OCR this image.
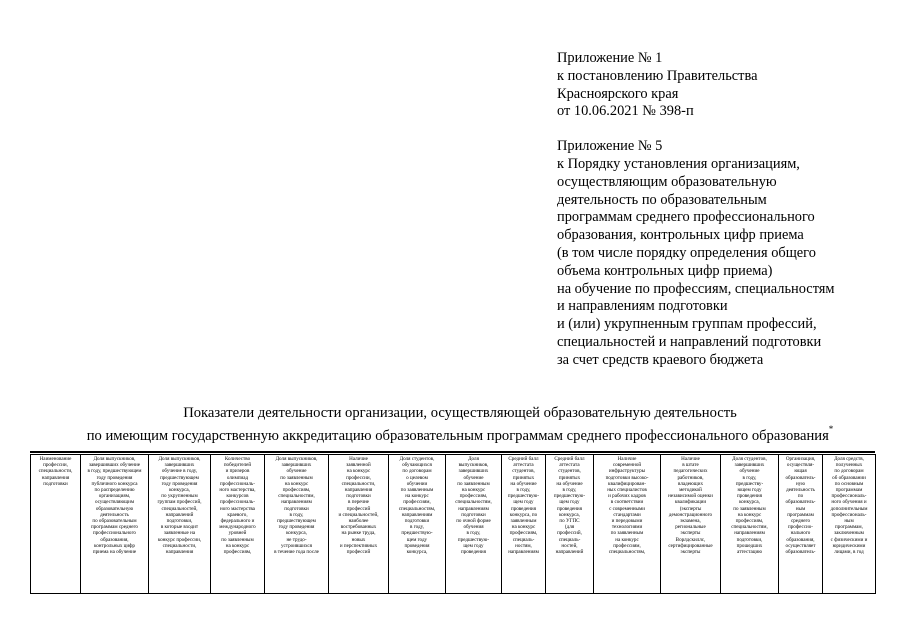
Приложение № 1
к постановлению Правительства
Красноярского края
от 10.06.2021 № 398-п
Приложение № 5
к Порядку установления организациям,
осуществляющим образовательную
деятельность по образовательным
программам среднего профессионального
образования, контрольных цифр приема
(в том числе порядку определения общего
объема контрольных цифр приема)
на обучение по профессиям, специальностям
и направлениям подготовки
и (или) укрупненным группам профессий,
специальностей и направлений подготовки
за счет средств краевого бюджета
Показатели деятельности организации, осуществляющей образовательную деятельность
по имеющим государственную аккредитацию образовательным программам среднего профессионального образования*
Наименование
профессии,
специальности,
направления
подготовки

Доля выпускников,
завершивших обучение
в году, предшествующем
году проведения
публичного конкурса
по распределению
организациям,
осуществляющим
образовательную
деятельность
по образовательным
программам среднего
профессионального
образования,
контрольных цифр
приема на обучение

Доля выпускников,
завершивших
обучение в году,
предшествующем
году проведения
конкурса,
по укрупненным
группам профессий,
специальностей,
направлений
подготовки,
в которые входит
заявленные на
конкурс профессии,
специальности,
направления

Количество
победителей
и призеров
олимпиад
профессиональ-
ного мастерства,
конкурсов
профессиональ-
ного мастерства
краевого,
федерального и
международного
уровней
по заявленным
на конкурс
профессиям,

Доля выпускников,
завершивших
обучение
по заявленным
на конкурс
профессиям,
специальностям,
направлениям
подготовки
в году,
предшествующем
году проведения
конкурса,
не трудо-
устроившихся
в течение года после

Наличие
заявленной
на конкурс
профессии,
специальности,
направления
подготовки
в перечне
профессий
и специальностей,
наиболее
востребованных
на рынке труда,
новых
и перспективных
профессий

Доля студентов,
обучающихся
по договорам
о целевом
обучении
по заявленным
на конкурс
профессиям,
специальностям,
направлениям
подготовки
в году,
предшествую-
щем году
проведения
конкурса,

Доля
выпускников,
завершивших
обучение
по заявленным
на конкурс
профессиям,
специальностям,
направлениям
подготовки
по очной форме
обучения
в году,
предшествую-
щем году
проведения

Средний балл
аттестата
студентов,
принятых
на обучение
в году,
предшествую-
щем году
проведения
конкурса, по
заявленным
на конкурс
профессиям,
специаль-
ностям,
направлениям

Средний балл
аттестата
студентов,
принятых
на обучение
в году,
предшествую-
щем году
проведения
конкурса,
по УГПС
(для
профессий,
специаль-
ностей,
направлений

Наличие
современной
инфраструктуры
подготовки высоко-
квалифицирован-
ных специалистов
и рабочих кадров
в соответствии
с современными
стандартами
и передовыми
технологиями
по заявленным
на конкурс
профессиям,
специальностям,

Наличие
в штате
педагогических
работников,
владеющих
методикой
независимой оценки
квалификации
(эксперты
демонстрационного
экзамена,
региональные
эксперты
Ворлдскиллс,
сертифицированные
эксперты

Доля студентов,
завершивших
обучение
в году,
предшеству-
ющем году
проведения
конкурса,
по заявленным
на конкурс
профессиям,
специальностям,
направлениям
подготовки,
прошедших
аттестацию

Организация,
осуществля-
ющая
образователь-
ную
деятельность
по
образователь-
ным
программам
среднего
профессио-
нального
образования,
осуществляет
образователь-

Доля средств,
полученных
по договорам
об образовании
по основным
программам
профессиональ-
ного обучения и
дополнительным
профессиональ-
ным
программам,
заключенным
с физическими и
юридическими
лицами, в год
